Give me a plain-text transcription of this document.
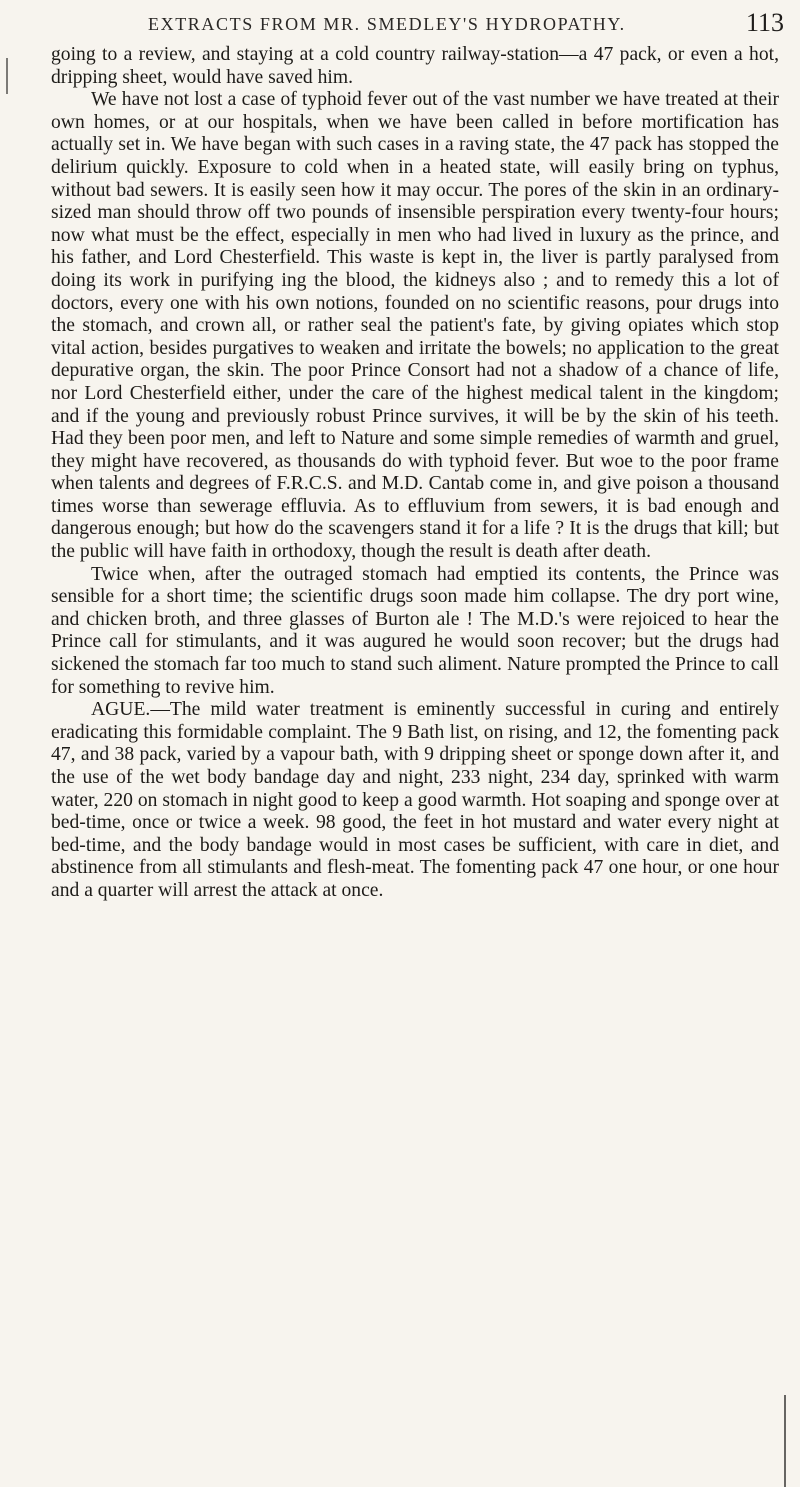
EXTRACTS FROM MR. SMEDLEY'S HYDROPATHY.	113

going to a review, and staying at a cold country railway-station—a 47 pack, or even a hot, dripping sheet, would have saved him.

We have not lost a case of typhoid fever out of the vast number we have treated at their own homes, or at our hospitals, when we have been called in before mortification has actually set in. We have began with such cases in a raving state, the 47 pack has stopped the delirium quickly. Exposure to cold when in a heated state, will easily bring on typhus, without bad sewers. It is easily seen how it may occur. The pores of the skin in an ordinary-sized man should throw off two pounds of insensible perspiration every twenty-four hours; now what must be the effect, especially in men who had lived in luxury as the prince, and his father, and Lord Chesterfield. This waste is kept in, the liver is partly paralysed from doing its work in purifying ing the blood, the kidneys also ; and to remedy this a lot of doctors, every one with his own notions, founded on no scientific reasons, pour drugs into the stomach, and crown all, or rather seal the patient's fate, by giving opiates which stop vital action, besides purgatives to weaken and irritate the bowels; no application to the great depurative organ, the skin. The poor Prince Consort had not a shadow of a chance of life, nor Lord Chesterfield either, under the care of the highest medical talent in the kingdom; and if the young and previously robust Prince survives, it will be by the skin of his teeth. Had they been poor men, and left to Nature and some simple remedies of warmth and gruel, they might have recovered, as thousands do with typhoid fever. But woe to the poor frame when talents and degrees of F.R.C.S. and M.D. Cantab come in, and give poison a thousand times worse than sewerage effluvia. As to effluvium from sewers, it is bad enough and dangerous enough; but how do the scavengers stand it for a life ? It is the drugs that kill; but the public will have faith in orthodoxy, though the result is death after death.

Twice when, after the outraged stomach had emptied its contents, the Prince was sensible for a short time; the scientific drugs soon made him collapse. The dry port wine, and chicken broth, and three glasses of Burton ale ! The M.D.'s were rejoiced to hear the Prince call for stimulants, and it was augured he would soon recover; but the drugs had sickened the stomach far too much to stand such aliment. Nature prompted the Prince to call for something to revive him.

AGUE.—The mild water treatment is eminently successful in curing and entirely eradicating this formidable complaint. The 9 Bath list, on rising, and 12, the fomenting pack 47, and 38 pack, varied by a vapour bath, with 9 dripping sheet or sponge down after it, and the use of the wet body bandage day and night, 233 night, 234 day, sprinked with warm water, 220 on stomach in night good to keep a good warmth. Hot soaping and sponge over at bed-time, once or twice a week. 98 good, the feet in hot mustard and water every night at bed-time, and the body bandage would in most cases be sufficient, with care in diet, and abstinence from all stimulants and flesh-meat. The fomenting pack 47 one hour, or one hour and a quarter will arrest the attack at once.
